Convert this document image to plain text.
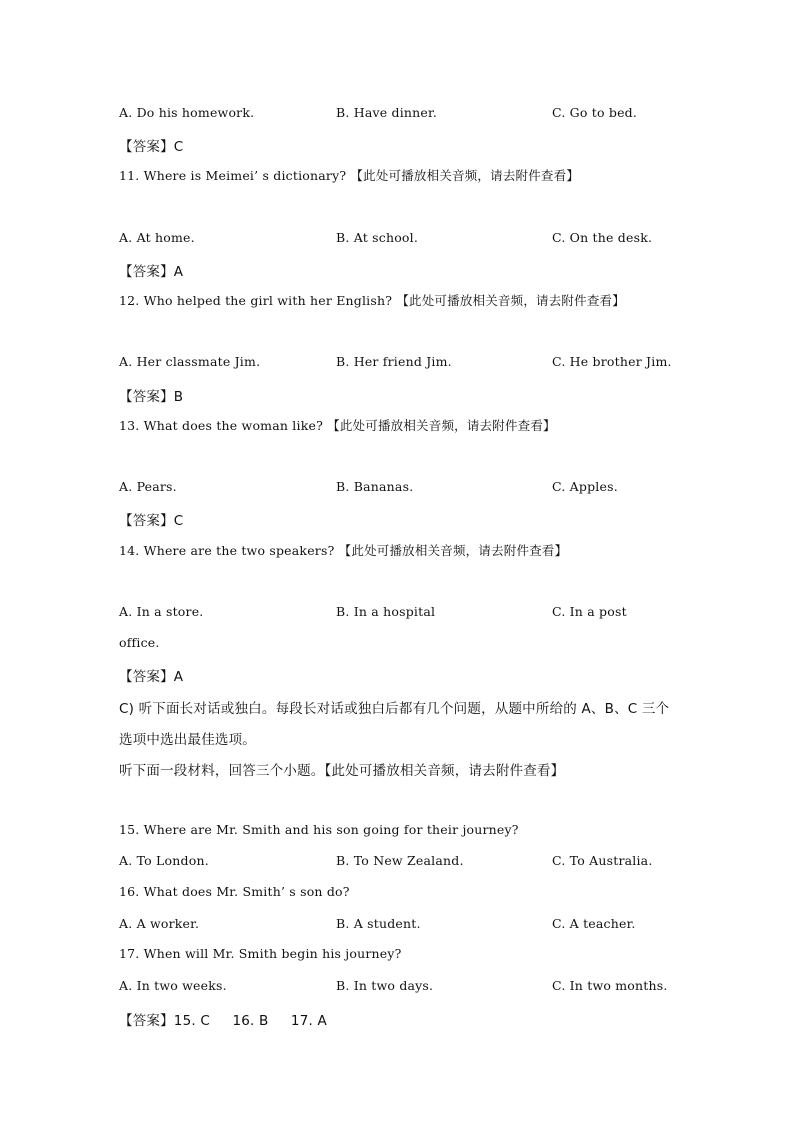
A. Do his homework.	B. Have dinner.	C. Go to bed.
【答案】C
11. Where is Meimei’ s dictionary? 【此处可播放相关音频，请去附件查看】
A. At home.	B. At school.	C. On the desk.
【答案】A
12. Who helped the girl with her English? 【此处可播放相关音频，请去附件查看】
A. Her classmate Jim.	B. Her friend Jim.	C. He brother Jim.
【答案】B
13. What does the woman like? 【此处可播放相关音频，请去附件查看】
A. Pears.	B. Bananas.	C. Apples.
【答案】C
14. Where are the two speakers? 【此处可播放相关音频，请去附件查看】
A. In a store.	B. In a hospital	C. In a post
office.
【答案】A
C) 听下面长对话或独白。每段长对话或独白后都有几个问题，从题中所给的 A、B、C 三个
选项中选出最佳选项。
听下面一段材料，回答三个小题。【此处可播放相关音频，请去附件查看】
15. Where are Mr. Smith and his son going for their journey?
A. To London.	B. To New Zealand.	C. To Australia.
16. What does Mr. Smith’ s son do?
A. A worker.	B. A student.	C. A teacher.
17. When will Mr. Smith begin his journey?
A. In two weeks.	B. In two days.	C. In two months.
【答案】15. C     16. B     17. A
